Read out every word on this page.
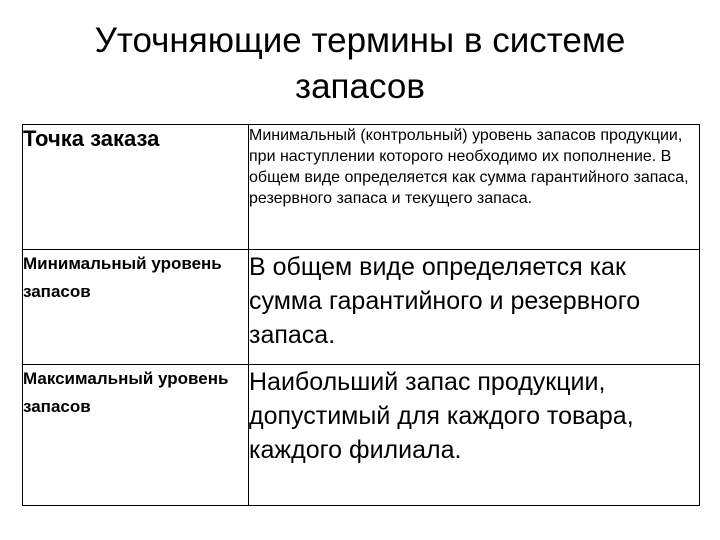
Уточняющие термины в системе запасов
Точка заказа	Минимальный (контрольный) уровень запасов продукции, при наступлении которого необходимо их пополнение. В общем виде определяется как сумма гарантийного запаса, резервного запаса и текущего запаса.
Минимальный уровень запасов	В общем виде определяется как сумма гарантийного и резервного запаса.
Максимальный уровень запасов	Наибольший запас продукции, допустимый для каждого товара, каждого филиала.
